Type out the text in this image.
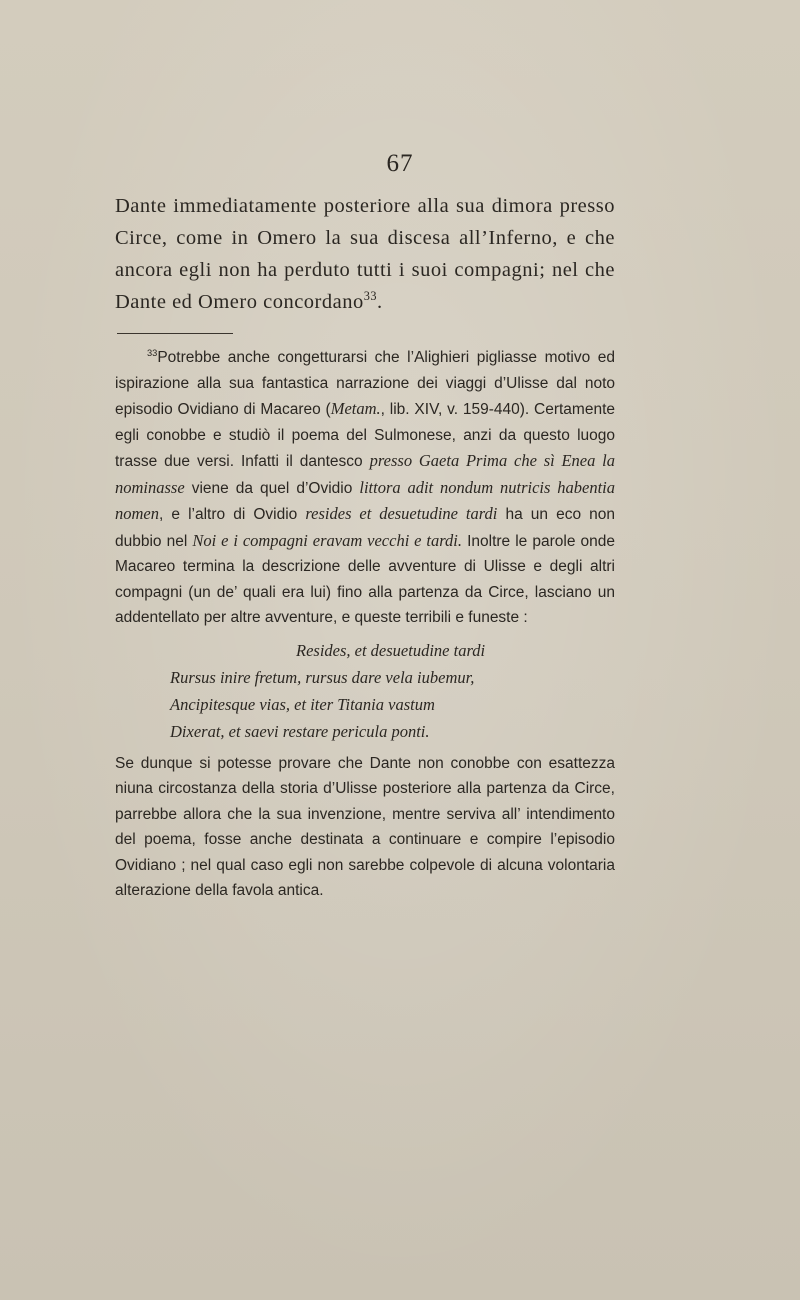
67
Dante immediatamente posteriore alla sua dimora presso Circe, come in Omero la sua discesa all’Inferno, e che ancora egli non ha perduto tutti i suoi compagni; nel che Dante ed Omero concordano$^{33}$.

$^{33}$Potrebbe anche congetturarsi che l’Alighieri pigliasse motivo ed ispirazione alla sua fantastica narrazione dei viaggi d’Ulisse dal noto episodio Ovidiano di Macareo (Metam., lib. XIV, v. 159-440). Certamente egli conobbe e studiò il poema del Sulmonese, anzi da questo luogo trasse due versi. Infatti il dantesco presso Gaeta Prima che sì Enea la nominasse viene da quel d’Ovidio littora adit nondum nutricis habentia nomen, e l’altro di Ovidio resides et desuetudine tardi ha un eco non dubbio nel Noi e i compagni eravam vecchi e tardi. Inoltre le parole onde Macareo termina la descrizione delle avventure di Ulisse e degli altri compagni (un de’ quali era lui) fino alla partenza da Circe, lasciano un addentellato per altre avventure, e queste terribili e funeste :

Resides, et desuetudine tardi
Rursus inire fretum, rursus dare vela iubemur,
Ancipitesque vias, et iter Titania vastum
Dixerat, et saevi restare pericula ponti.

Se dunque si potesse provare che Dante non conobbe con esattezza niuna circostanza della storia d’Ulisse posteriore alla partenza da Circe, parrebbe allora che la sua invenzione, mentre serviva all’ intendimento del poema, fosse anche destinata a continuare e compire l’episodio Ovidiano ; nel qual caso egli non sarebbe colpevole di alcuna volontaria alterazione della favola antica.
